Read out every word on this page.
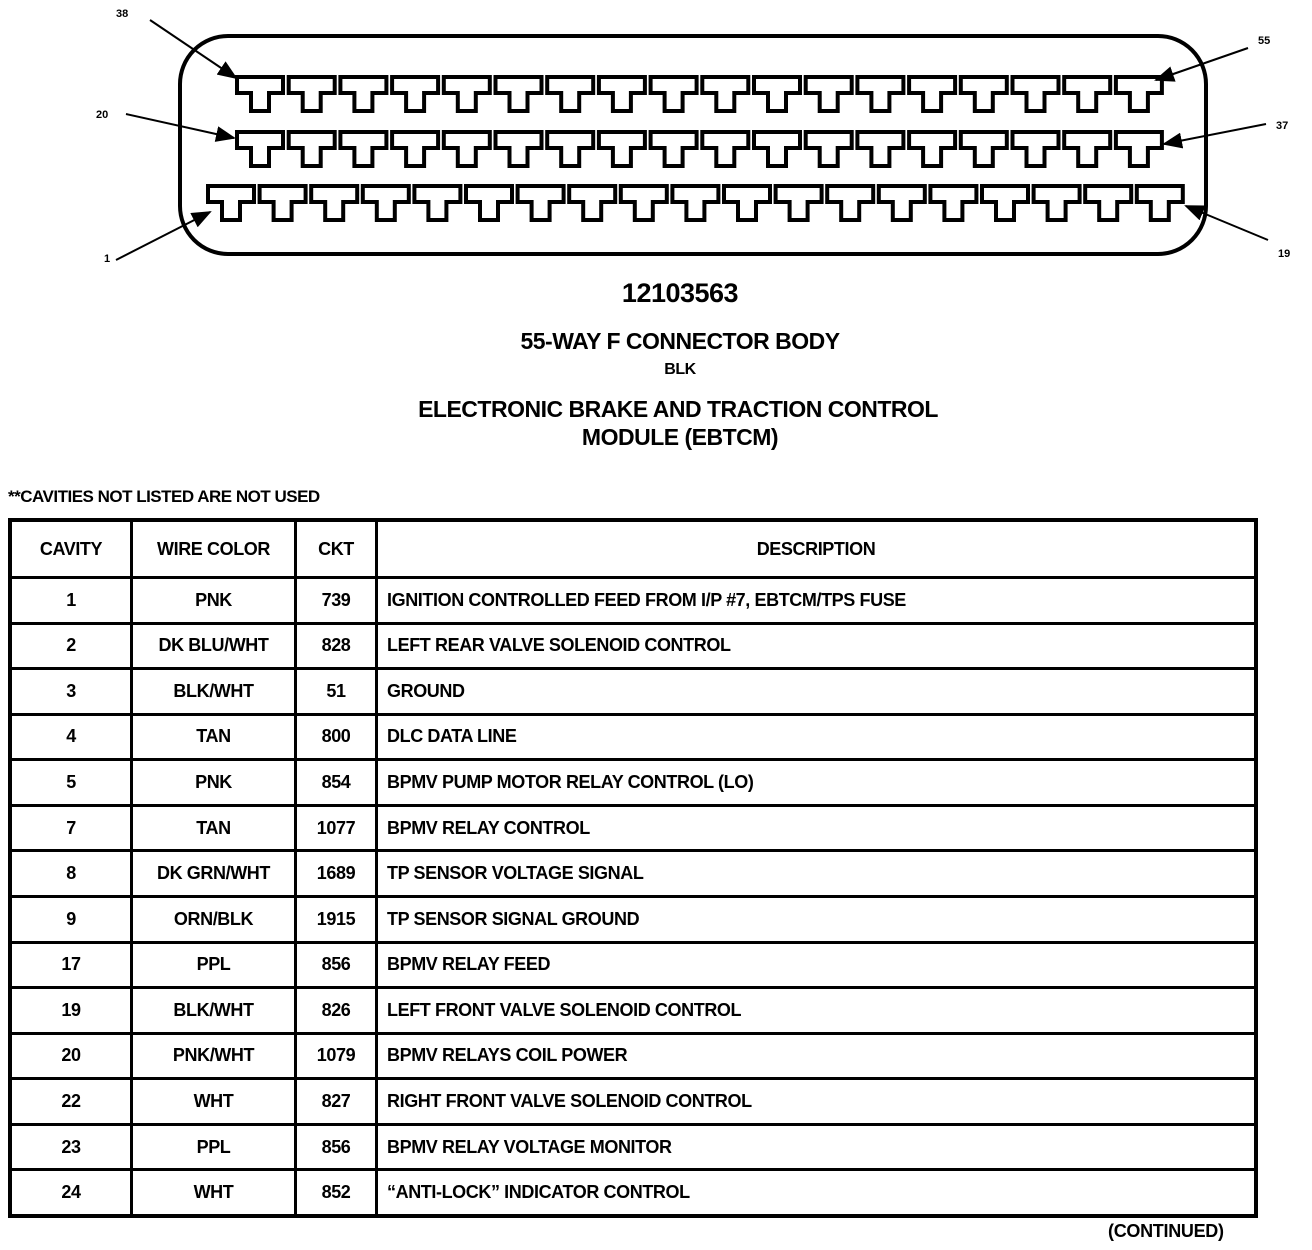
38
55
20
37
1	19
12103563
55-WAY F CONNECTOR BODY
BLK
ELECTRONIC BRAKE AND TRACTION CONTROL
MODULE (EBTCM)
**CAVITIES NOT LISTED ARE NOT USED
CAVITY	WIRE COLOR	CKT	DESCRIPTION
1	PNK	739	IGNITION CONTROLLED FEED FROM I/P #7, EBTCM/TPS FUSE
2	DK BLU/WHT	828	LEFT REAR VALVE SOLENOID CONTROL
3	BLK/WHT	51	GROUND
4	TAN	800	DLC DATA LINE
5	PNK	854	BPMV PUMP MOTOR RELAY CONTROL (LO)
7	TAN	1077	BPMV RELAY CONTROL
8	DK GRN/WHT	1689	TP SENSOR VOLTAGE SIGNAL
9	ORN/BLK	1915	TP SENSOR SIGNAL GROUND
17	PPL	856	BPMV RELAY FEED
19	BLK/WHT	826	LEFT FRONT VALVE SOLENOID CONTROL
20	PNK/WHT	1079	BPMV RELAYS COIL POWER
22	WHT	827	RIGHT FRONT VALVE SOLENOID CONTROL
23	PPL	856	BPMV RELAY VOLTAGE MONITOR
24	WHT	852	“ANTI-LOCK” INDICATOR CONTROL
(CONTINUED)
